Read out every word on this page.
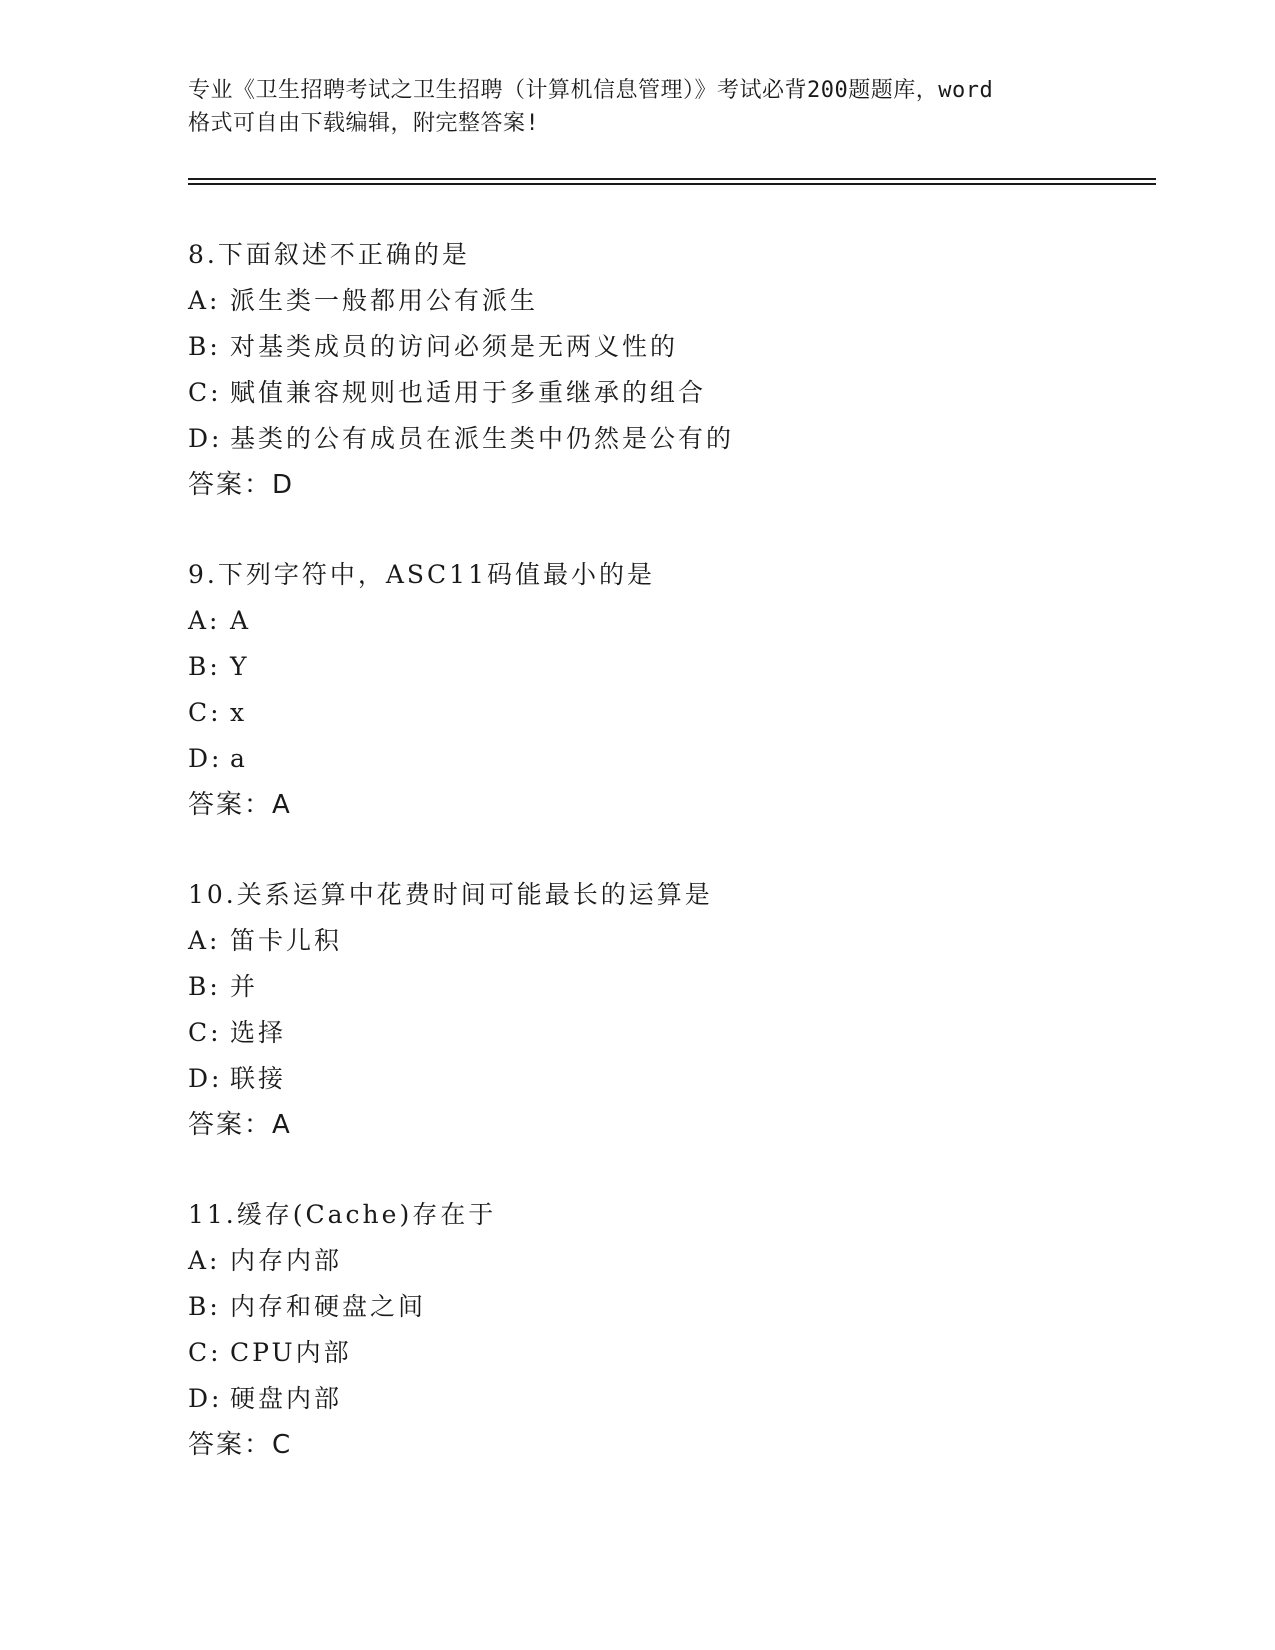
专业《卫生招聘考试之卫生招聘（计算机信息管理）》考试必背200题题库，word
格式可自由下载编辑，附完整答案!
8.下面叙述不正确的是
A: 派生类一般都用公有派生
B: 对基类成员的访问必须是无两义性的
C: 赋值兼容规则也适用于多重继承的组合
D: 基类的公有成员在派生类中仍然是公有的
答案：D
9.下列字符中，ASC11码值最小的是
A: A
B: Y
C: x
D: a
答案：A
10.关系运算中花费时间可能最长的运算是
A: 笛卡儿积
B: 并
C: 选择
D: 联接
答案：A
11.缓存(Cache)存在于
A: 内存内部
B: 内存和硬盘之间
C: CPU内部
D: 硬盘内部
答案：C
